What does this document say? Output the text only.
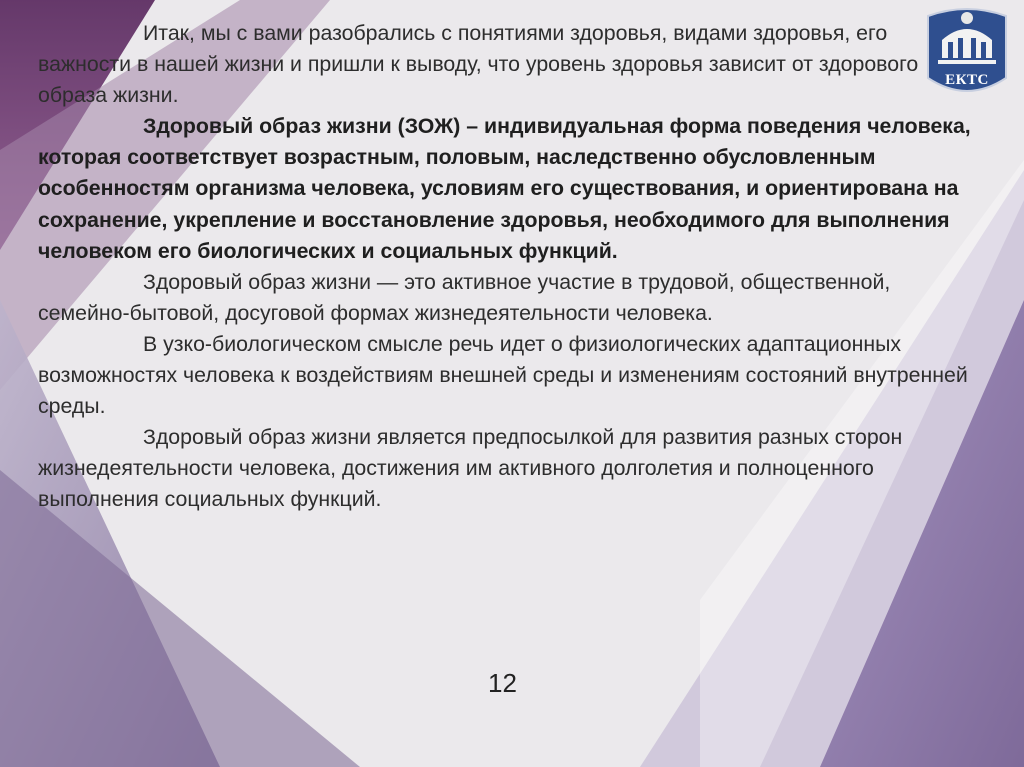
Итак, мы с вами разобрались с понятиями здоровья, видами здоровья, его важности в нашей жизни и пришли к выводу, что уровень здоровья зависит от здорового образа жизни.

Здоровый образ жизни (ЗОЖ) – индивидуальная форма поведения человека, которая соответствует возрастным, половым, наследственно обусловленным особенностям организма человека, условиям его существования, и ориентирована на сохранение, укрепление и восстановление здоровья, необходимого для выполнения человеком его биологических и социальных функций.

Здоровый образ жизни — это активное участие в трудовой, общественной, семейно-бытовой, досуговой формах жизнедеятельности человека.

В узко-биологическом смысле речь идет о физиологических адаптационных возможностях человека к воздействиям внешней среды и изменениям состояний внутренней среды.

Здоровый образ жизни является предпосылкой для развития разных сторон жизнедеятельности человека, достижения им активного долголетия и полноценного выполнения социальных функций.

12
ЕКТС
